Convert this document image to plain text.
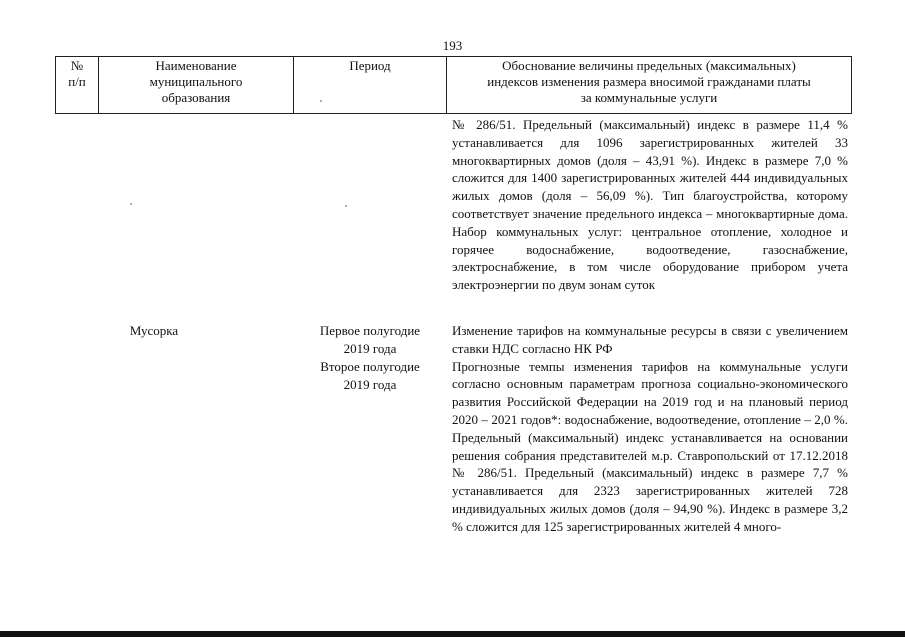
193
№
п/п
Наименование
муниципального
образования
Период	Обоснование величины предельных (максимальных)
индексов изменения размера вносимой гражданами платы
за коммунальные услуги

№ 286/51. Предельный (максимальный) индекс в размере 11,4 % устанавливается для 1096 зарегистрированных жителей 33 многоквартирных домов (доля – 43,91 %). Индекс в размере 7,0 % сложится для 1400 зарегистрированных жителей 444 индивидуальных жилых домов (доля – 56,09 %). Тип благоустройства, которому соответствует значение предельного индекса – многоквартирные дома. Набор коммунальных услуг: центральное отопление, холодное и горячее водоснабжение, водоотведение, газоснабжение, электроснабжение, в том числе оборудование прибором учета электроэнергии по двум зонам суток

Мусорка	Первое полугодие
2019 года
Второе полугодие
2019 года

Изменение тарифов на коммунальные ресурсы в связи с увеличением ставки НДС согласно НК РФ

Прогнозные темпы изменения тарифов на коммунальные услуги согласно основным параметрам прогноза социально-экономического развития Российской Федерации на 2019 год и на плановый период 2020 – 2021 годов*: водоснабжение, водоотведение, отопление – 2,0 %. Предельный (максимальный) индекс устанавливается на основании решения собрания представителей м.р. Ставропольский от 17.12.2018 № 286/51. Предельный (максимальный) индекс в размере 7,7 % устанавливается для 2323 зарегистрированных жителей 728 индивидуальных жилых домов (доля – 94,90 %). Индекс в размере 3,2 % сложится для 125 зарегистрированных жителей 4 много-
